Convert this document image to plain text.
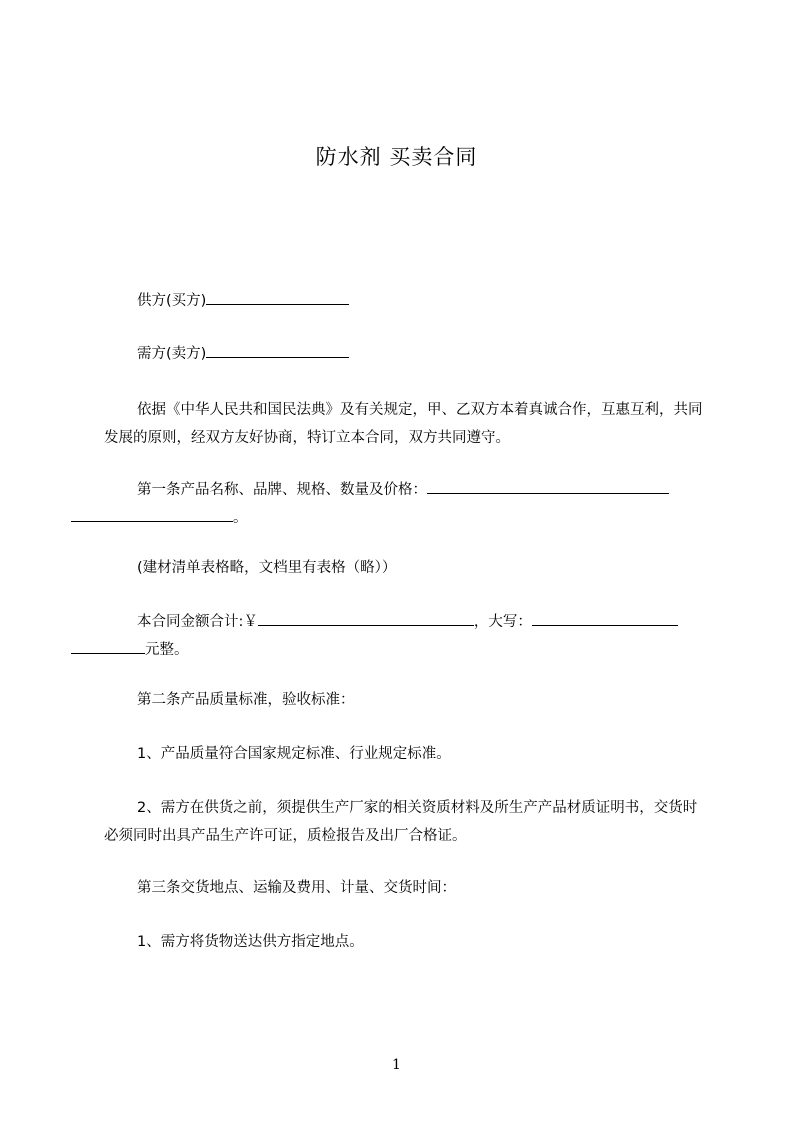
防水剂 买卖合同
供方(买方)
需方(卖方)
依据《中华人民共和国民法典》及有关规定，甲、乙双方本着真诚合作，互惠互利，共同发展的原则，经双方友好协商，特订立本合同，双方共同遵守。
第一条产品名称、品牌、规格、数量及价格：
。
(建材清单表格略，文档里有表格（略））
本合同金额合计:￥	，大写：
元整。
第二条产品质量标准，验收标准：
1、产品质量符合国家规定标准、行业规定标准。
2、需方在供货之前，须提供生产厂家的相关资质材料及所生产产品材质证明书，交货时必须同时出具产品生产许可证，质检报告及出厂合格证。
第三条交货地点、运输及费用、计量、交货时间：
1、需方将货物送达供方指定地点。
1
